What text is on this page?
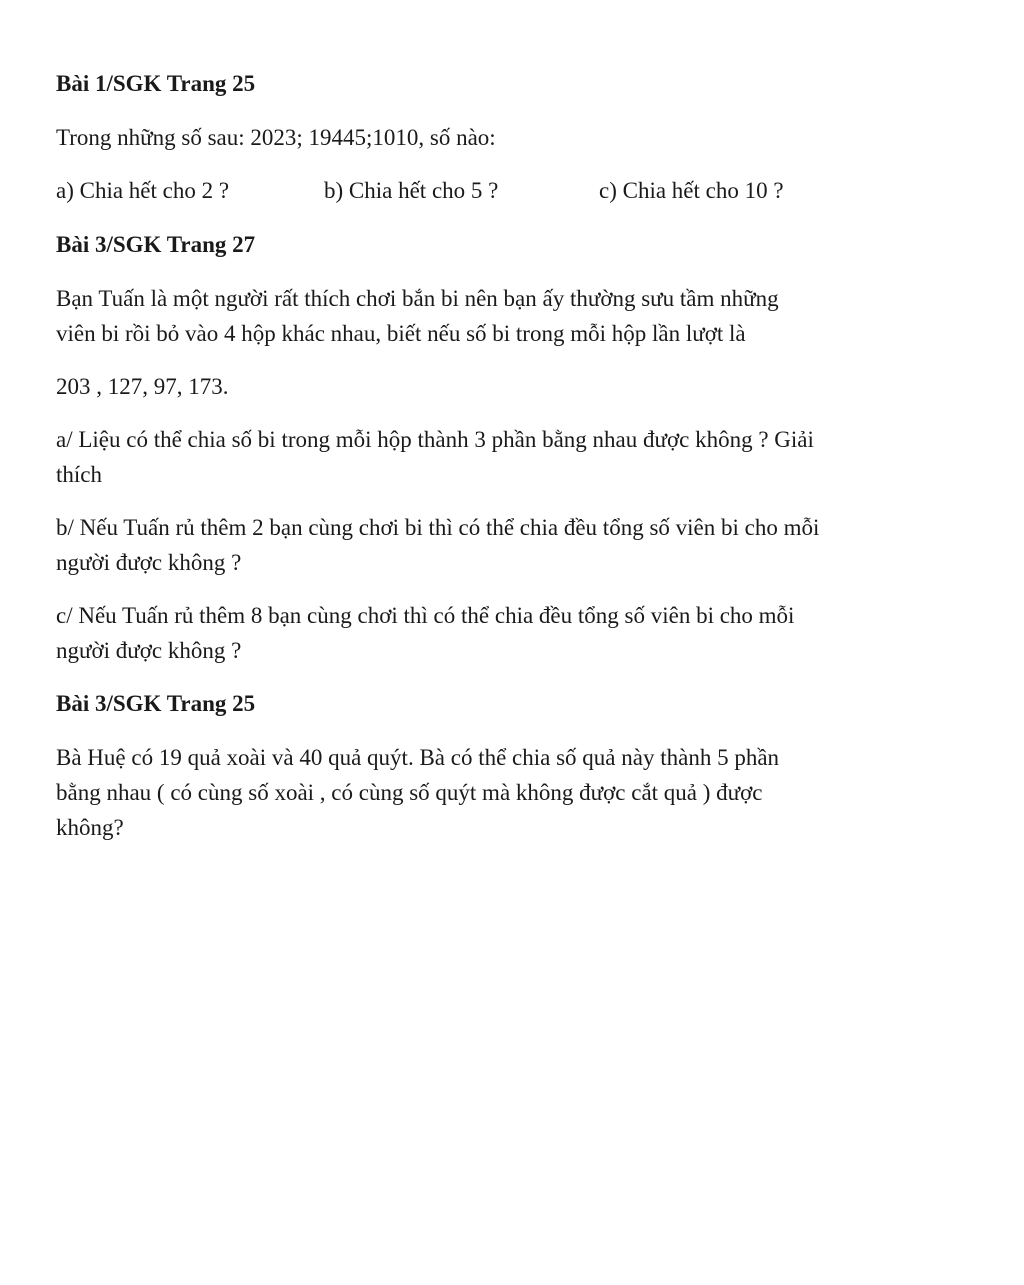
Bài 1/SGK Trang 25

Trong những số sau: 2023; 19445;1010, số nào:

a) Chia hết cho 2 ?	b) Chia hết cho 5 ?	c) Chia hết cho 10 ?

Bài 3/SGK Trang 27

Bạn Tuấn là một người rất thích chơi bắn bi nên bạn ấy thường sưu tầm những

viên bi rồi bỏ vào 4 hộp khác nhau, biết nếu số bi trong mỗi hộp lần lượt là

203 , 127, 97, 173.

a/ Liệu có thể chia số bi trong mỗi hộp thành 3 phần bằng nhau được không ? Giải

thích

b/ Nếu Tuấn rủ thêm 2 bạn cùng chơi bi thì có thể chia đều tổng số viên bi cho mỗi

người được không ?

c/ Nếu Tuấn rủ thêm 8 bạn cùng chơi thì có thể chia đều tổng số viên bi cho mỗi

người được không ?

Bài 3/SGK Trang 25

Bà Huệ có 19 quả xoài và 40 quả quýt. Bà có thể chia số quả này thành 5 phần

bằng nhau ( có cùng số xoài , có cùng số quýt mà không được cắt quả ) được

không?
